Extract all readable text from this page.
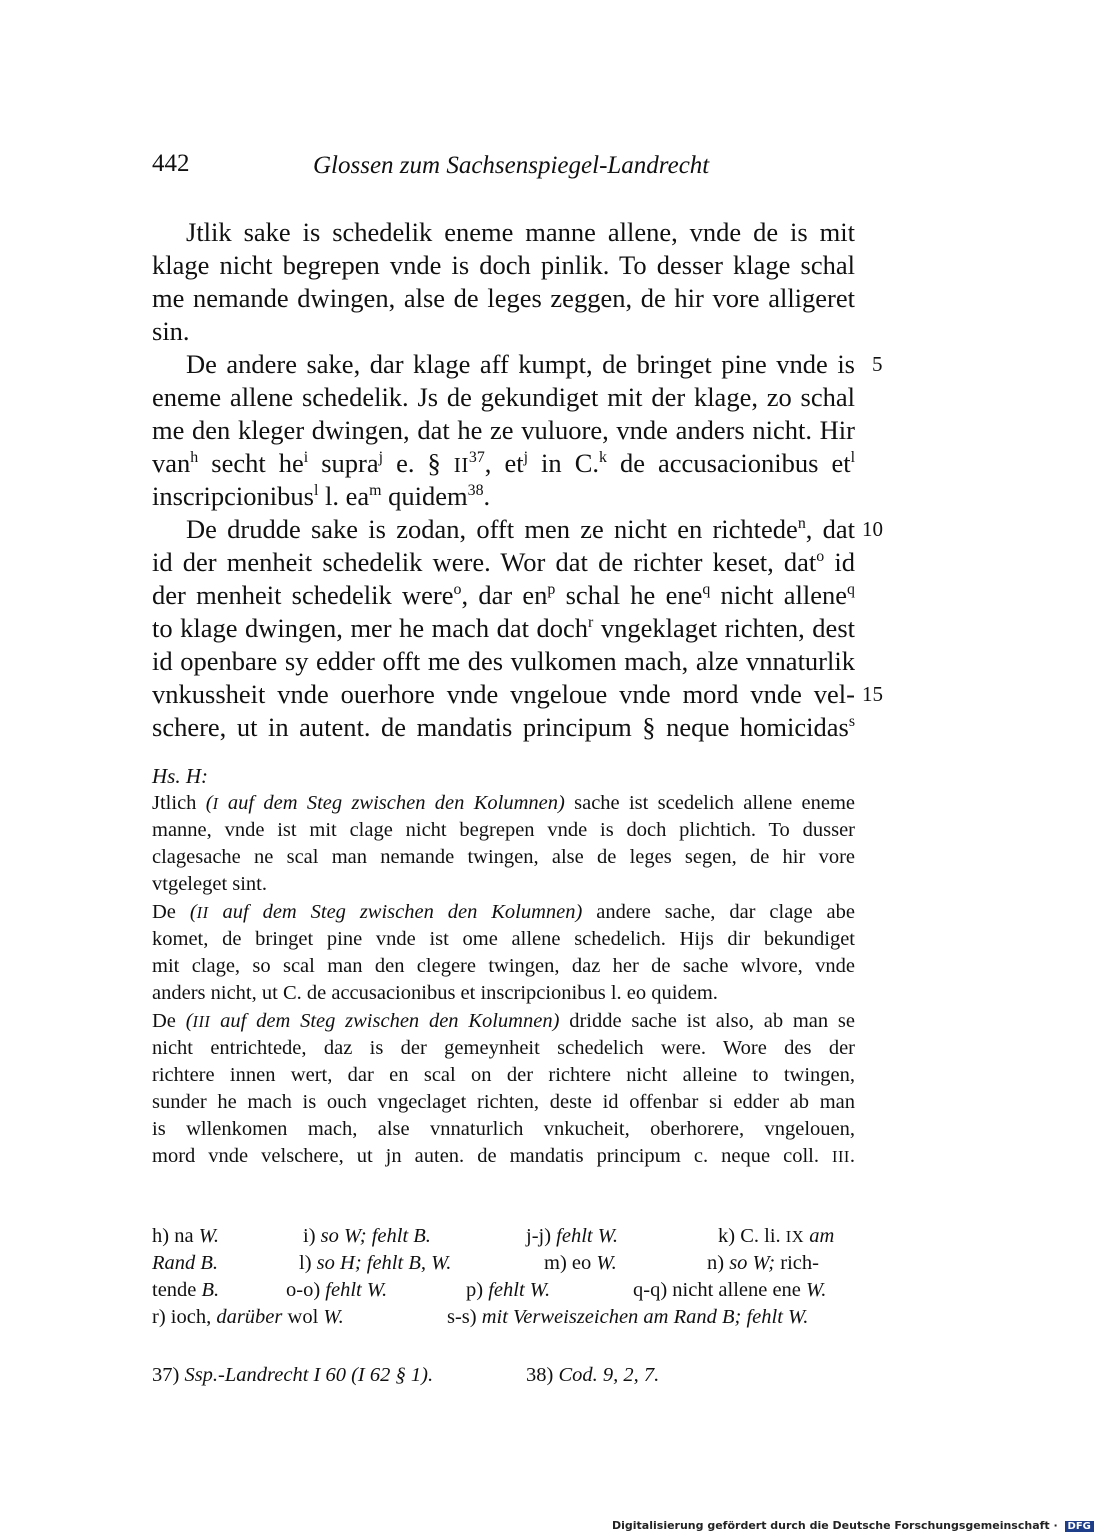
442	Glossen zum Sachsenspiegel-Landrecht
Jtlik sake is schedelik eneme manne allene, vnde de is mit
klage nicht begrepen vnde is doch pinlik. To desser klage schal
me nemande dwingen, alse de leges zeggen, de hir vore alligeret
sin.
De andere sake, dar klage aff kumpt, de bringet pine vnde is
eneme allene schedelik. Js de gekundiget mit der klage, zo schal
me den kleger dwingen, dat he ze vuluore, vnde anders nicht. Hir
van$^h$ secht $he^i$ supra$^j$ e. § II$^{37}$, $et^j$ in C.$^k$ de accusacionibus $et^l$
inscripcionibus$^l$ l. $ea^m$ quidem$^{38}$.
De drudde sake is zodan, offt men ze nicht en richtede$^n$, dat
id der menheit schedelik were. Wor dat de richter keset, dat$^o$ id
der menheit schedelik were$^o$, dar $en^p$ schal he ene$^q$ nicht allene$^q$
to klage dwingen, mer he mach dat doch$^r$ vngeklaget richten, dest
id openbare sy edder offt me des vulkomen mach, alze vnnaturlik
vnkussheit vnde ouerhore vnde vngeloue vnde mord vnde vel-
schere, ut in autent. de mandatis principum § neque homicidas$^s$
5
10
15
Hs. H:
Jtlich (I auf dem Steg zwischen den Kolumnen) sache ist scedelich allene eneme
manne, vnde ist mit clage nicht begrepen vnde is doch plichtich. To dusser
clagesache ne scal man nemande twingen, alse de leges segen, de hir vore
vtgeleget sint.
De (II auf dem Steg zwischen den Kolumnen) andere sache, dar clage abe
komet, de bringet pine vnde ist ome allene schedelich. Hijs dir bekundiget
mit clage, so scal man den clegere twingen, daz her de sache wlvore, vnde
anders nicht, ut C. de accusacionibus et inscripcionibus l. eo quidem.
De (III auf dem Steg zwischen den Kolumnen) dridde sache ist also, ab man se
nicht entrichtede, daz is der gemeynheit schedelich were. Wore des der
richtere innen wert, dar en scal on der richtere nicht alleine to twingen,
sunder he mach is ouch vngeclaget richten, deste id offenbar si edder ab man
is wllenkomen mach, alse vnnaturlich vnkucheit, oberhorere, vngelouen,
mord vnde velschere, ut jn auten. de mandatis principum c. neque coll. III.
h) na W.	i) so W; fehlt B.	j-j) fehlt W.	k) C. li. IX am
Rand B.	l) so H; fehlt B, W.	m) eo W.	n) so W; rich-
tende B.	o-o) fehlt W.	p) fehlt W.	q-q) nicht allene ene W.
r) ioch, darüber wol W.	s-s) mit Verweiszeichen am Rand B; fehlt W.
37) Ssp.-Landrecht I 60 (I 62 § 1).	38) Cod. 9, 2, 7.
Digitalisierung gefördert durch die Deutsche Forschungsgemeinschaft · DFG
